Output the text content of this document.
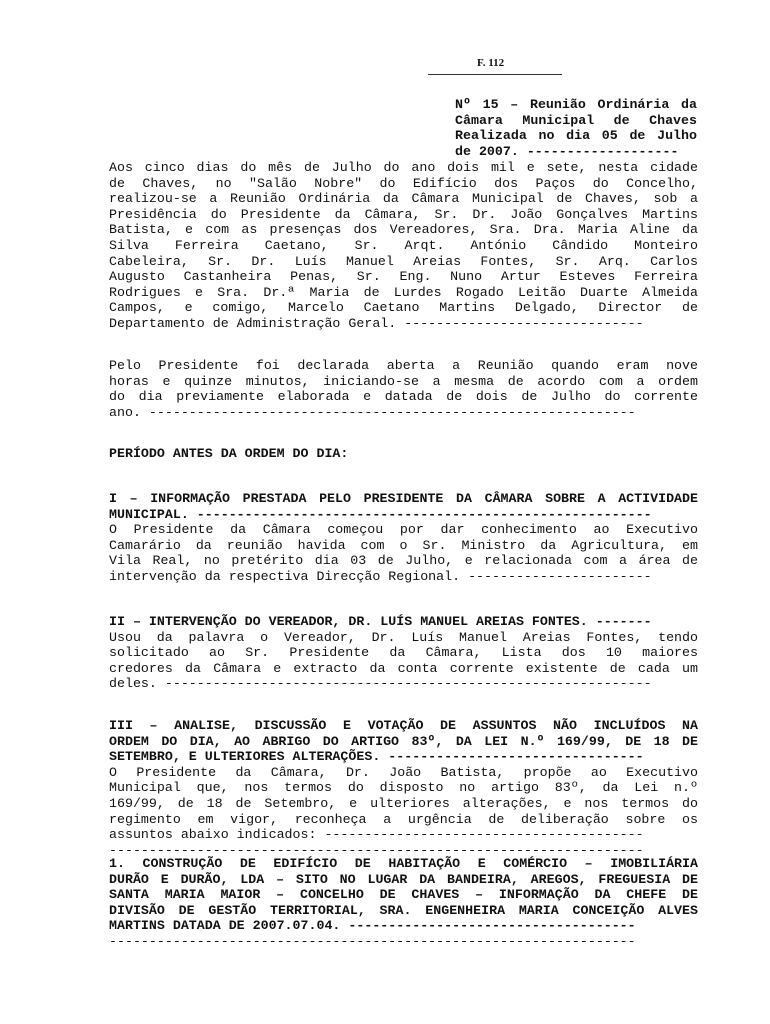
F. 112
Nº 15 – Reunião Ordinária da
Câmara Municipal de Chaves
Realizada no dia 05 de Julho
de 2007. -------------------
Aos cinco dias do mês de Julho do ano dois mil e sete, nesta cidade
de Chaves, no "Salão Nobre" do Edifício dos Paços do Concelho,
realizou-se a Reunião Ordinária da Câmara Municipal de Chaves, sob a
Presidência do Presidente da Câmara, Sr. Dr. João Gonçalves Martins
Batista, e com as presenças dos Vereadores, Sra. Dra. Maria Aline da
Silva Ferreira Caetano, Sr. Arqt. António Cândido Monteiro
Cabeleira, Sr. Dr. Luís Manuel Areias Fontes, Sr. Arq. Carlos
Augusto Castanheira Penas, Sr. Eng. Nuno Artur Esteves Ferreira
Rodrigues e Sra. Dr.ª Maria de Lurdes Rogado Leitão Duarte Almeida
Campos, e comigo, Marcelo Caetano Martins Delgado, Director de
Departamento de Administração Geral. ------------------------------
Pelo Presidente foi declarada aberta a Reunião quando eram nove
horas e quinze minutos, iniciando-se a mesma de acordo com a ordem
do dia previamente elaborada e datada de dois de Julho do corrente
ano. -------------------------------------------------------------
PERÍODO ANTES DA ORDEM DO DIA:
I – INFORMAÇÃO PRESTADA PELO PRESIDENTE DA CÂMARA SOBRE A ACTIVIDADE
MUNICIPAL. ---------------------------------------------------------
O Presidente da Câmara começou por dar conhecimento ao Executivo
Camarário da reunião havida com o Sr. Ministro da Agricultura, em
Vila Real, no pretérito dia 03 de Julho, e relacionada com a área de
intervenção da respectiva Direcção Regional. -----------------------
II – INTERVENÇÃO DO VEREADOR, DR. LUÍS MANUEL AREIAS FONTES. -------
Usou da palavra o Vereador, Dr. Luís Manuel Areias Fontes, tendo
solicitado ao Sr. Presidente da Câmara, Lista dos 10 maiores
credores da Câmara e extracto da conta corrente existente de cada um
deles. -------------------------------------------------------------
III – ANALISE, DISCUSSÃO E VOTAÇÃO DE ASSUNTOS NÃO INCLUÍDOS NA
ORDEM DO DIA, AO ABRIGO DO ARTIGO 83º, DA LEI N.º 169/99, DE 18 DE
SETEMBRO, E ULTERIORES ALTERAÇÕES. --------------------------------
O Presidente da Câmara, Dr. João Batista, propõe ao Executivo
Municipal que, nos termos do disposto no artigo 83º, da Lei n.º
169/99, de 18 de Setembro, e ulteriores alterações, e nos termos do
regimento em vigor, reconheça a urgência de deliberação sobre os
assuntos abaixo indicados: ----------------------------------------
-------------------------------------------------------------------
1. CONSTRUÇÃO DE EDIFÍCIO DE HABITAÇÃO E COMÉRCIO – IMOBILIÁRIA
DURÃO E DURÃO, LDA – SITO NO LUGAR DA BANDEIRA, AREGOS, FREGUESIA DE
SANTA MARIA MAIOR – CONCELHO DE CHAVES – INFORMAÇÃO DA CHEFE DE
DIVISÃO DE GESTÃO TERRITORIAL, SRA. ENGENHEIRA MARIA CONCEIÇÃO ALVES
MARTINS DATADA DE 2007.07.04. ------------------------------------
------------------------------------------------------------------
